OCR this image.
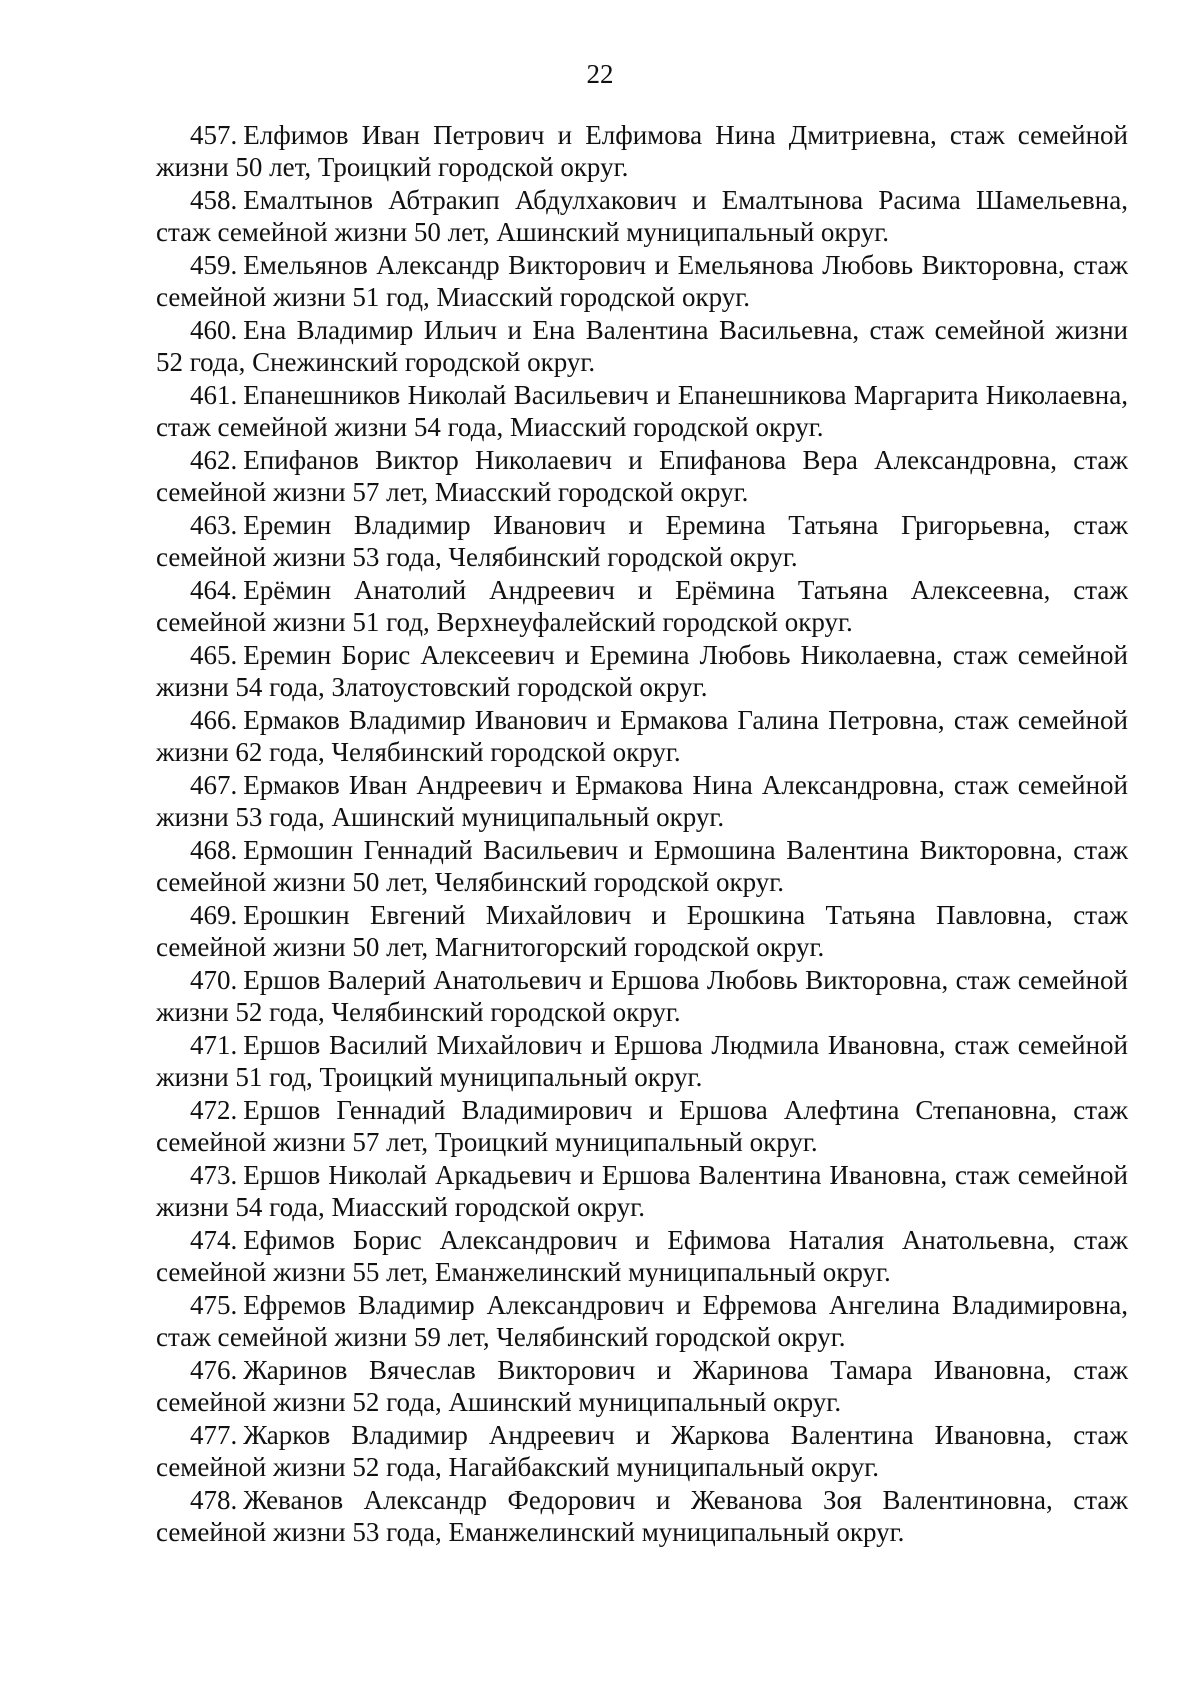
22

457. Елфимов Иван Петрович и Елфимова Нина Дмитриевна, стаж семейной жизни 50 лет, Троицкий городской округ.

458. Емалтынов Абтракип Абдулхакович и Емалтынова Расима Шамельевна, стаж семейной жизни 50 лет, Ашинский муниципальный округ.

459. Емельянов Александр Викторович и Емельянова Любовь Викторовна, стаж семейной жизни 51 год, Миасский городской округ.

460. Ена Владимир Ильич и Ена Валентина Васильевна, стаж семейной жизни 52 года, Снежинский городской округ.

461. Епанешников Николай Васильевич и Епанешникова Маргарита Николаевна, стаж семейной жизни 54 года, Миасский городской округ.

462. Епифанов Виктор Николаевич и Епифанова Вера Александровна, стаж семейной жизни 57 лет, Миасский городской округ.

463. Еремин Владимир Иванович и Еремина Татьяна Григорьевна, стаж семейной жизни 53 года, Челябинский городской округ.

464. Ерёмин Анатолий Андреевич и Ерёмина Татьяна Алексеевна, стаж семейной жизни 51 год, Верхнеуфалейский городской округ.

465. Еремин Борис Алексеевич и Еремина Любовь Николаевна, стаж семейной жизни 54 года, Златоустовский городской округ.

466. Ермаков Владимир Иванович и Ермакова Галина Петровна, стаж семейной жизни 62 года, Челябинский городской округ.

467. Ермаков Иван Андреевич и Ермакова Нина Александровна, стаж семейной жизни 53 года, Ашинский муниципальный округ.

468. Ермошин Геннадий Васильевич и Ермошина Валентина Викторовна, стаж семейной жизни 50 лет, Челябинский городской округ.

469. Ерошкин Евгений Михайлович и Ерошкина Татьяна Павловна, стаж семейной жизни 50 лет, Магнитогорский городской округ.

470. Ершов Валерий Анатольевич и Ершова Любовь Викторовна, стаж семейной жизни 52 года, Челябинский городской округ.

471. Ершов Василий Михайлович и Ершова Людмила Ивановна, стаж семейной жизни 51 год, Троицкий муниципальный округ.

472. Ершов Геннадий Владимирович и Ершова Алефтина Степановна, стаж семейной жизни 57 лет, Троицкий муниципальный округ.

473. Ершов Николай Аркадьевич и Ершова Валентина Ивановна, стаж семейной жизни 54 года, Миасский городской округ.

474. Ефимов Борис Александрович и Ефимова Наталия Анатольевна, стаж семейной жизни 55 лет, Еманжелинский муниципальный округ.

475. Ефремов Владимир Александрович и Ефремова Ангелина Владимировна, стаж семейной жизни 59 лет, Челябинский городской округ.

476. Жаринов Вячеслав Викторович и Жаринова Тамара Ивановна, стаж семейной жизни 52 года, Ашинский муниципальный округ.

477. Жарков Владимир Андреевич и Жаркова Валентина Ивановна, стаж семейной жизни 52 года, Нагайбакский муниципальный округ.

478. Жеванов Александр Федорович и Жеванова Зоя Валентиновна, стаж семейной жизни 53 года, Еманжелинский муниципальный округ.
